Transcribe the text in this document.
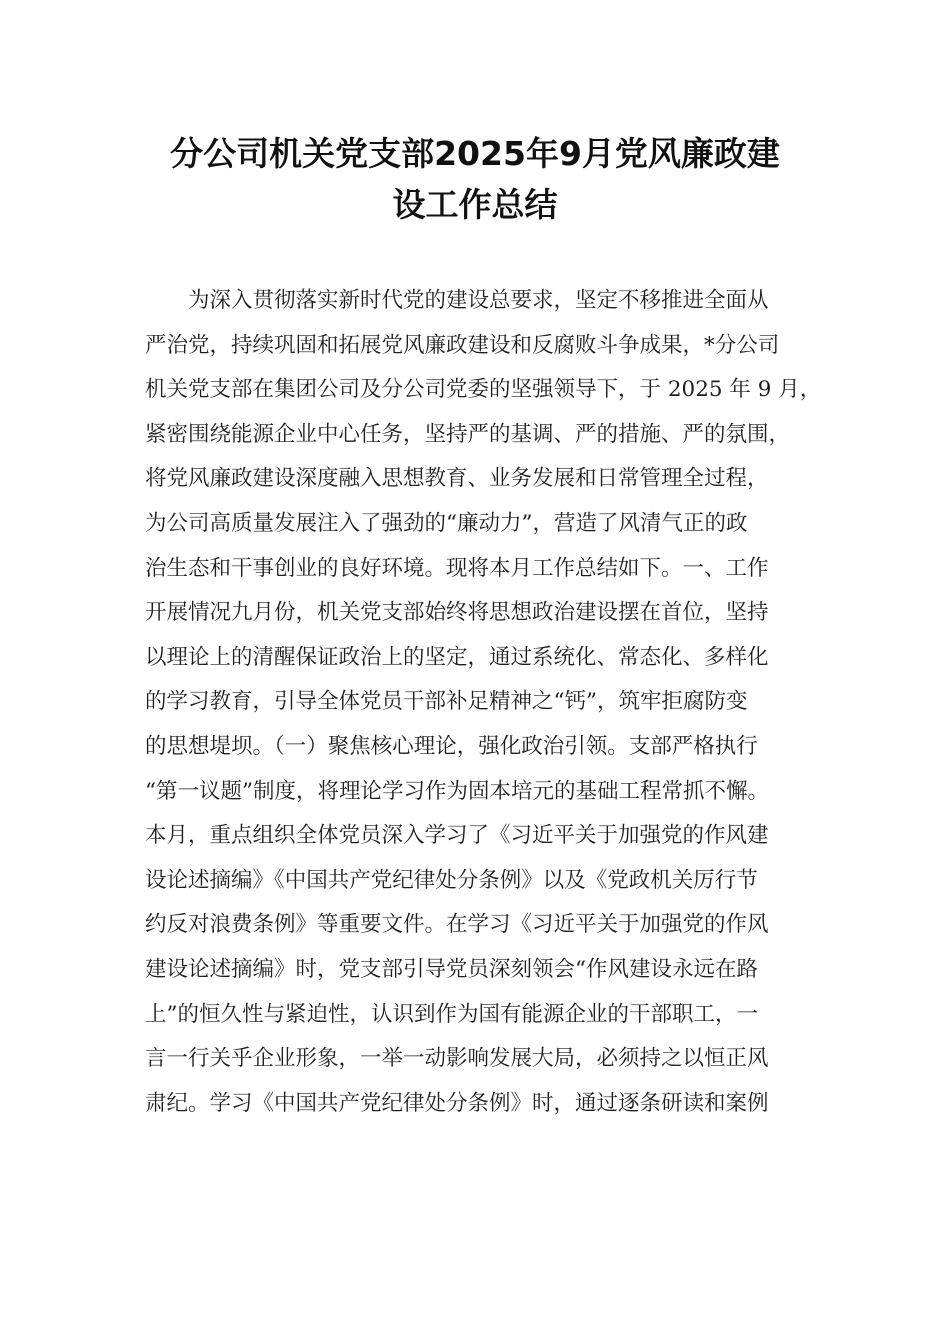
分公司机关党支部2025年9月党风廉政建
设工作总结
为深入贯彻落实新时代党的建设总要求，坚定不移推进全面从
严治党，持续巩固和拓展党风廉政建设和反腐败斗争成果，*分公司
机关党支部在集团公司及分公司党委的坚强领导下，于 2025 年 9 月，
紧密围绕能源企业中心任务，坚持严的基调、严的措施、严的氛围，
将党风廉政建设深度融入思想教育、业务发展和日常管理全过程，
为公司高质量发展注入了强劲的“廉动力”，营造了风清气正的政
治生态和干事创业的良好环境。现将本月工作总结如下。一、工作
开展情况九月份，机关党支部始终将思想政治建设摆在首位，坚持
以理论上的清醒保证政治上的坚定，通过系统化、常态化、多样化
的学习教育，引导全体党员干部补足精神之“钙”，筑牢拒腐防变
的思想堤坝。（一）聚焦核心理论，强化政治引领。支部严格执行
“第一议题”制度，将理论学习作为固本培元的基础工程常抓不懈。
本月，重点组织全体党员深入学习了《习近平关于加强党的作风建
设论述摘编》《中国共产党纪律处分条例》以及《党政机关厉行节
约反对浪费条例》等重要文件。在学习《习近平关于加强党的作风
建设论述摘编》时，党支部引导党员深刻领会“作风建设永远在路
上”的恒久性与紧迫性，认识到作为国有能源企业的干部职工，一
言一行关乎企业形象，一举一动影响发展大局，必须持之以恒正风
肃纪。学习《中国共产党纪律处分条例》时，通过逐条研读和案例
